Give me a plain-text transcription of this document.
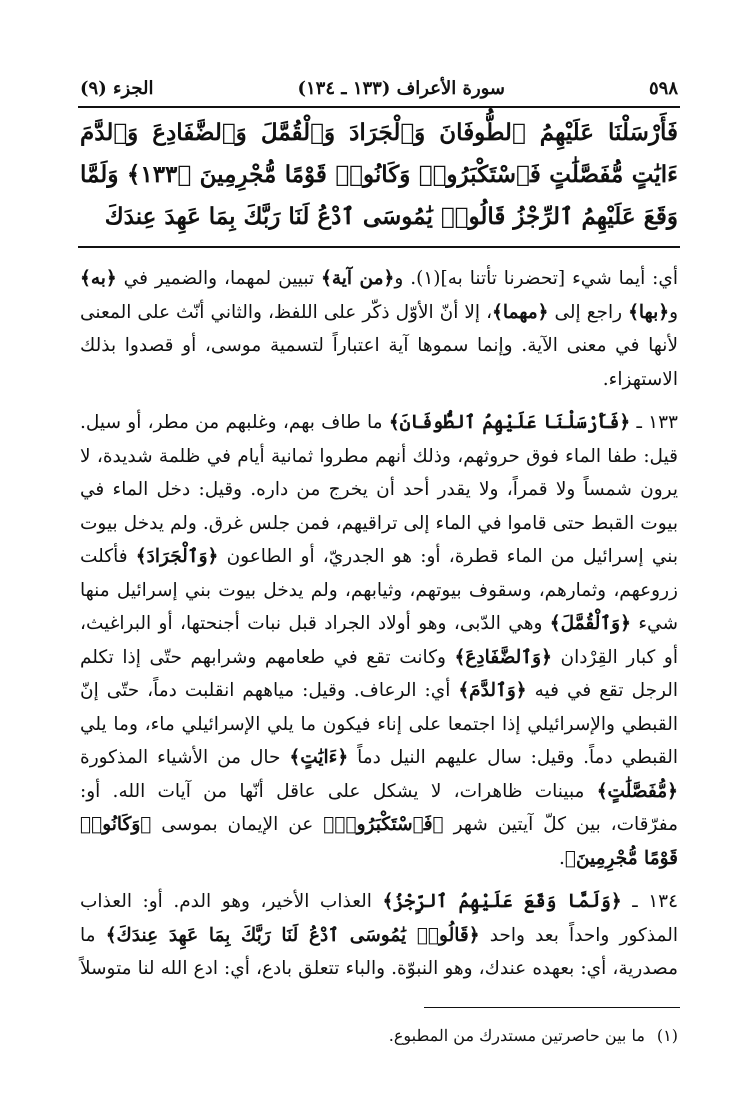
٥٩٨
سورة الأعراف (١٣٣ ـ ١٣٤)
الجزء (٩)
فَأَرْسَلْنَا عَلَيْهِمُ ٱلطُّوفَانَ وَٱلْجَرَادَ وَٱلْقُمَّلَ وَٱلضَّفَادِعَ وَٱلدَّمَ ءَايَٰتٍ مُّفَصَّلَٰتٍ فَٱسْتَكْبَرُوا۟ وَكَانُوا۟ قَوْمًا مُّجْرِمِينَ ﴿١٣٣﴾ وَلَمَّا وَقَعَ عَلَيْهِمُ ٱلرِّجْزُ قَالُوا۟ يَٰمُوسَى ٱدْعُ لَنَا رَبَّكَ بِمَا عَهِدَ عِندَكَ

أي: أيما شيء [تحضرنا تأتنا به](١). و﴿من آية﴾ تبيين لمهما، والضمير في ﴿به﴾ و﴿بها﴾ راجع إلى ﴿مهما﴾، إلا أنّ الأوّل ذكّر على اللفظ، والثاني أنّث على المعنى لأنها في معنى الآية. وإنما سموها آية اعتباراً لتسمية موسى، أو قصدوا بذلك الاستهزاء.

١٣٣ ـ ﴿فَأَرْسَلْنَا عَلَيْهِمُ ٱلطُّوفَانَ﴾ ما طاف بهم، وغلبهم من مطر، أو سيل. قيل: طفا الماء فوق حروثهم، وذلك أنهم مطروا ثمانية أيام في ظلمة شديدة، لا يرون شمساً ولا قمراً، ولا يقدر أحد أن يخرج من داره. وقيل: دخل الماء في بيوت القبط حتى قاموا في الماء إلى تراقيهم، فمن جلس غرق. ولم يدخل بيوت بني إسرائيل من الماء قطرة، أو: هو الجدريّ، أو الطاعون ﴿وَٱلْجَرَادَ﴾ فأكلت زروعهم، وثمارهم، وسقوف بيوتهم، وثيابهم، ولم يدخل بيوت بني إسرائيل منها شيء ﴿وَٱلْقُمَّلَ﴾ وهي الدّبى، وهو أولاد الجراد قبل نبات أجنحتها، أو البراغيث، أو كبار القِرْدان ﴿وَٱلضَّفَادِعَ﴾ وكانت تقع في طعامهم وشرابهم حتّى إذا تكلم الرجل تقع في فيه ﴿وَٱلدَّمَ﴾ أي: الرعاف. وقيل: مياههم انقلبت دماً، حتّى إنّ القبطي والإسرائيلي إذا اجتمعا على إناء فيكون ما يلي الإسرائيلي ماء، وما يلي القبطي دماً. وقيل: سال عليهم النيل دماً ﴿ءَايَٰتٍ﴾ حال من الأشياء المذكورة ﴿مُّفَصَّلَٰتٍ﴾ مبينات ظاهرات، لا يشكل على عاقل أنّها من آيات الله. أو: مفرّقات، بين كلّ آيتين شهر ﴿فَٱسْتَكْبَرُوا۟﴾ عن الإيمان بموسى ﴿وَكَانُوا۟ قَوْمًا مُّجْرِمِينَ﴾.

١٣٤ ـ ﴿وَلَمَّا وَقَعَ عَلَيْهِمُ ٱلرِّجْزُ﴾ العذاب الأخير، وهو الدم. أو: العذاب المذكور واحداً بعد واحد ﴿قَالُوا۟ يَٰمُوسَى ٱدْعُ لَنَا رَبَّكَ بِمَا عَهِدَ عِندَكَ﴾ ما مصدرية، أي: بعهده عندك، وهو النبوّة. والباء تتعلق بادع، أي: ادع الله لنا متوسلاً

(١)ما بين حاصرتين مستدرك من المطبوع.
